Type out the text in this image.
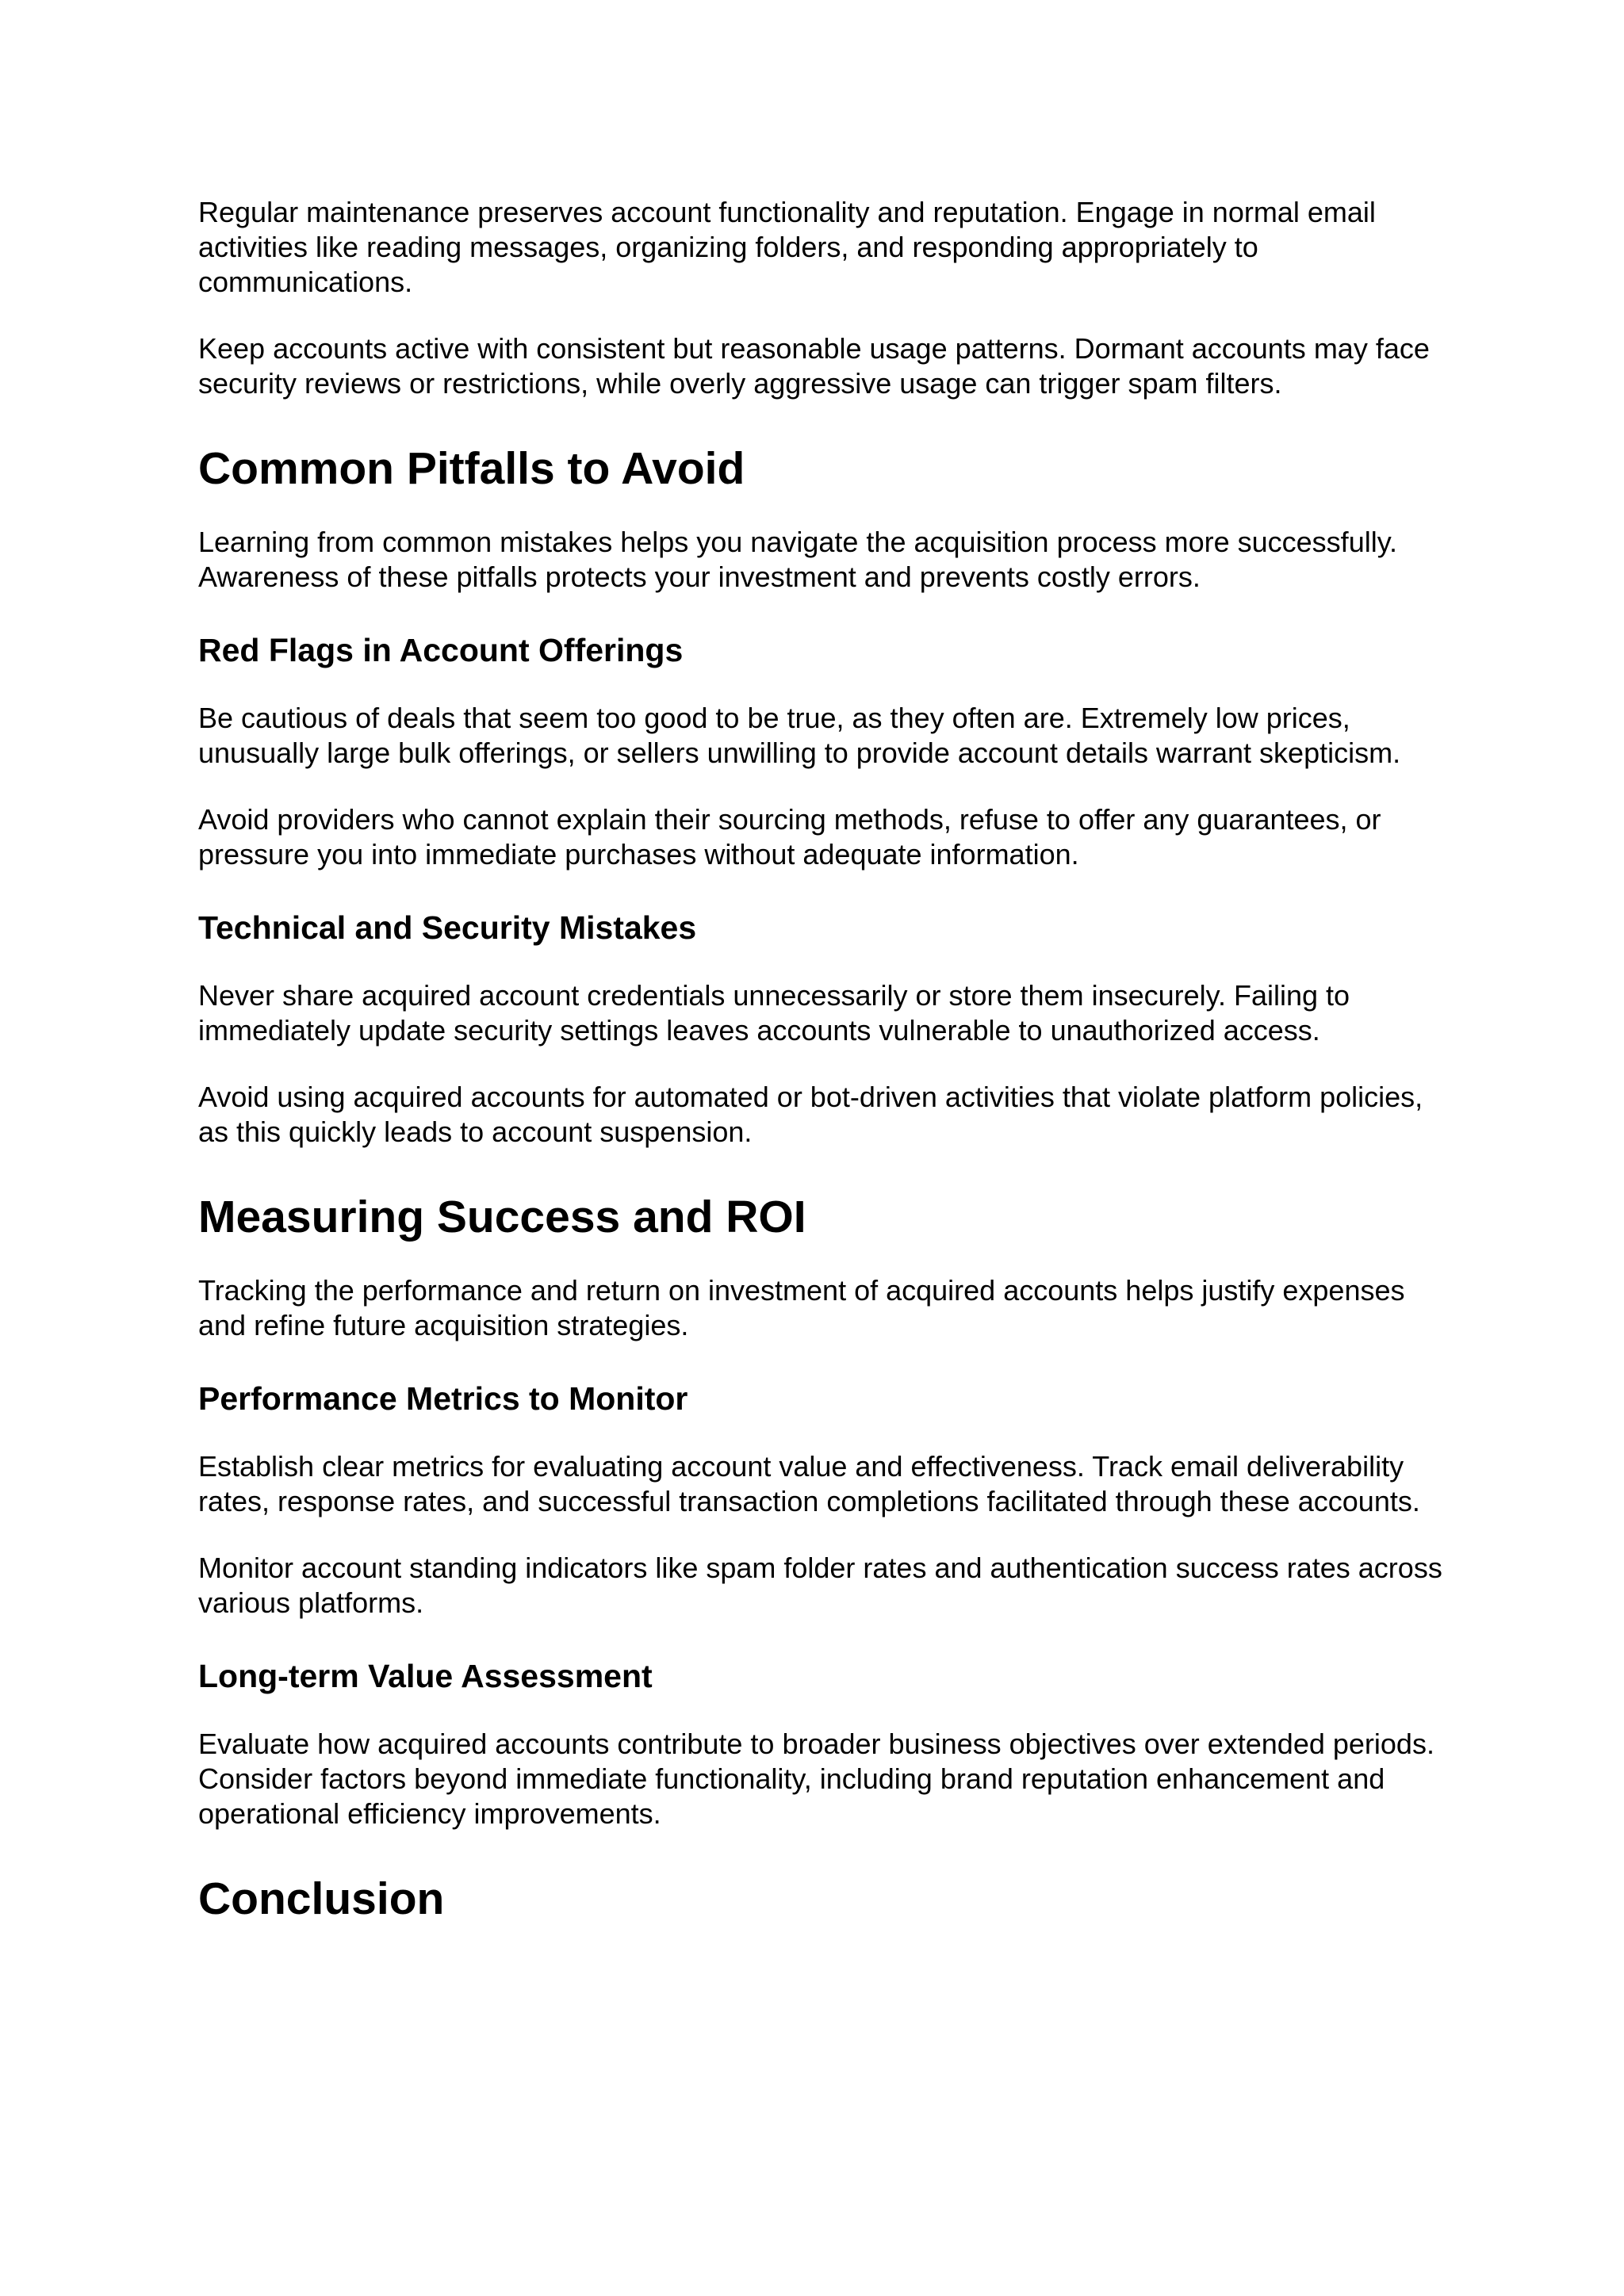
Regular maintenance preserves account functionality and reputation. Engage in normal email activities like reading messages, organizing folders, and responding appropriately to communications.

Keep accounts active with consistent but reasonable usage patterns. Dormant accounts may face security reviews or restrictions, while overly aggressive usage can trigger spam filters.

Common Pitfalls to Avoid

Learning from common mistakes helps you navigate the acquisition process more successfully. Awareness of these pitfalls protects your investment and prevents costly errors.

Red Flags in Account Offerings

Be cautious of deals that seem too good to be true, as they often are. Extremely low prices, unusually large bulk offerings, or sellers unwilling to provide account details warrant skepticism.

Avoid providers who cannot explain their sourcing methods, refuse to offer any guarantees, or pressure you into immediate purchases without adequate information.

Technical and Security Mistakes

Never share acquired account credentials unnecessarily or store them insecurely. Failing to immediately update security settings leaves accounts vulnerable to unauthorized access.

Avoid using acquired accounts for automated or bot-driven activities that violate platform policies, as this quickly leads to account suspension.

Measuring Success and ROI

Tracking the performance and return on investment of acquired accounts helps justify expenses and refine future acquisition strategies.

Performance Metrics to Monitor

Establish clear metrics for evaluating account value and effectiveness. Track email deliverability rates, response rates, and successful transaction completions facilitated through these accounts.

Monitor account standing indicators like spam folder rates and authentication success rates across various platforms.

Long-term Value Assessment

Evaluate how acquired accounts contribute to broader business objectives over extended periods. Consider factors beyond immediate functionality, including brand reputation enhancement and operational efficiency improvements.

Conclusion
